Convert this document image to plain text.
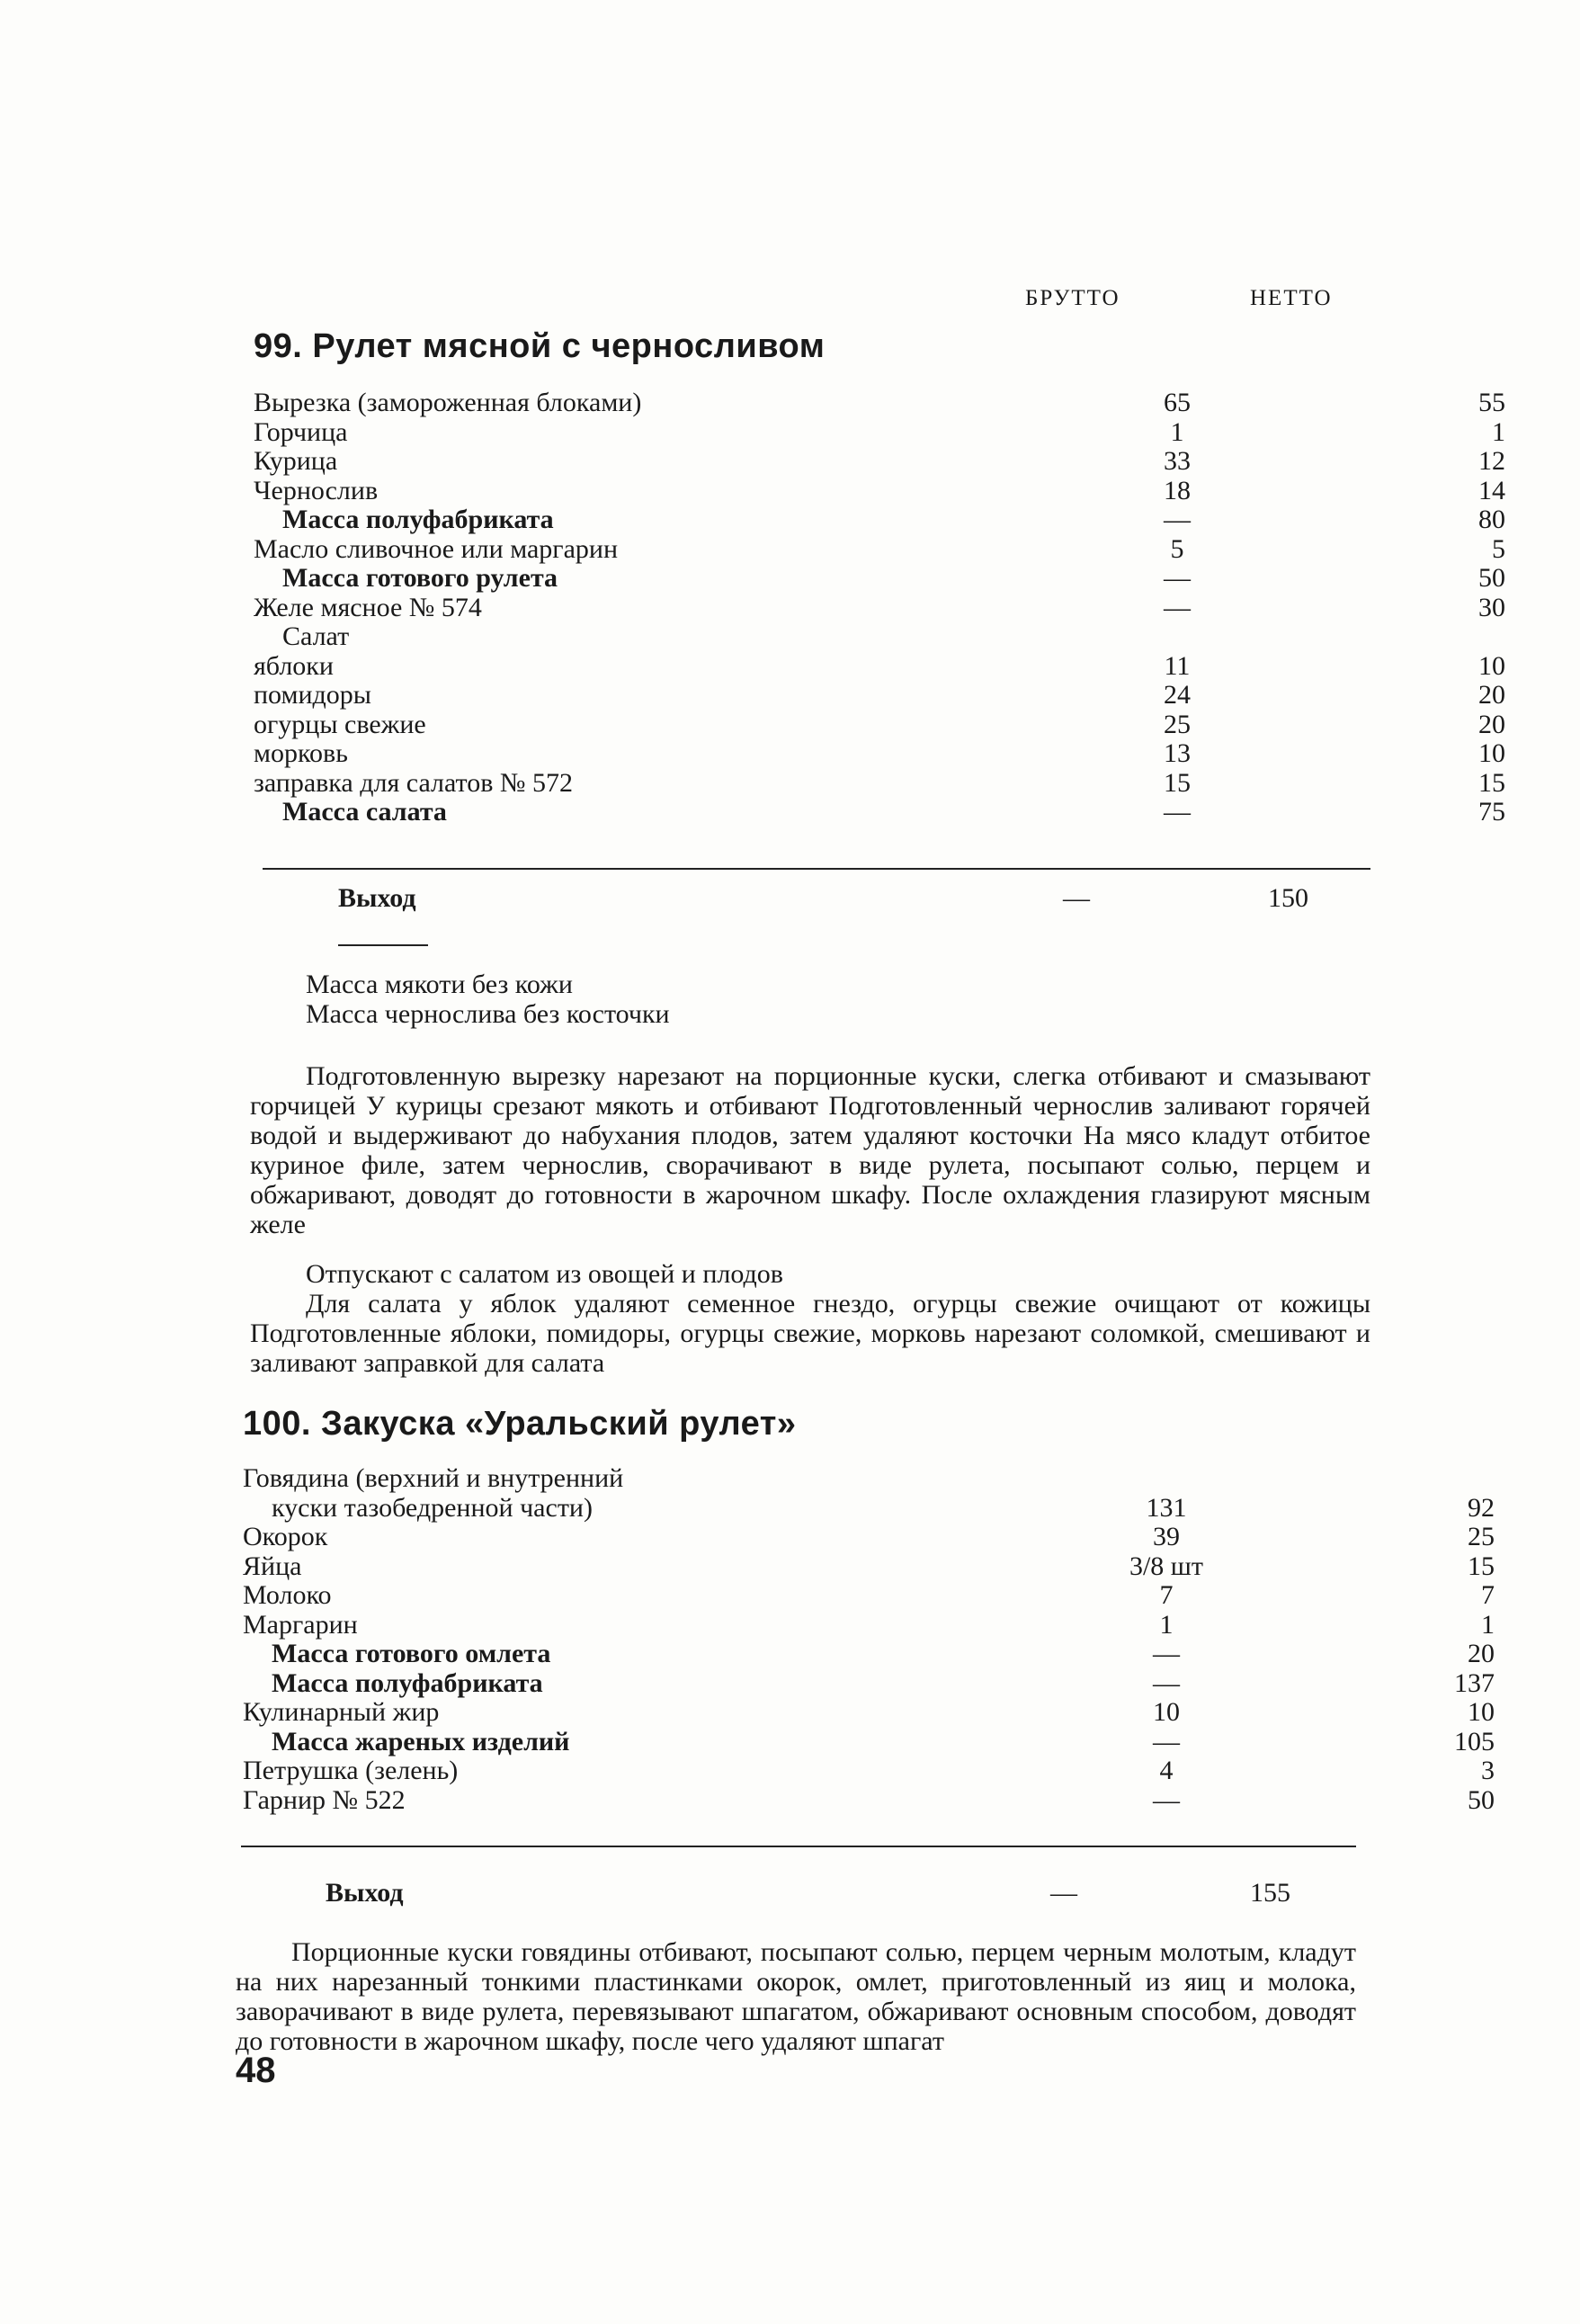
БРУТТО	НЕТТО
99. Рулет мясной с черносливом
Вырезка (замороженная блоками)	65	55
Горчица	1	1
Курица	33	12
Чернослив	18	14
Масса полуфабриката	—	80
Масло сливочное или маргарин	5	5
Масса готового рулета	—	50
Желе мясное № 574	—	30
Салат		
яблоки	11	10
помидоры	24	20
огурцы свежие	25	20
морковь	13	10
заправка для салатов № 572	15	15
Масса салата	—	75
Выход	—	150
Масса мякоти без кожи
Масса чернослива без косточки

Подготовленную вырезку нарезают на порционные куски, слегка отбивают и смазывают горчицей У курицы срезают мякоть и отбивают Подготовленный чернослив заливают горячей водой и выдерживают до набухания плодов, затем удаляют косточки На мясо кладут отбитое куриное филе, затем чернослив, сворачивают в виде рулета, посыпают солью, перцем и обжаривают, доводят до готовности в жарочном шкафу. После охлаждения глазируют мясным желе

Отпускают с салатом из овощей и плодов

Для салата у яблок удаляют семенное гнездо, огурцы свежие очищают от кожицы Подготовленные яблоки, помидоры, огурцы свежие, морковь нарезают соломкой, смешивают и заливают заправкой для салата

100. Закуска «Уральский рулет»
Говядина (верхний и внутренний		
куски тазобедренной части)	131	92
Окорок	39	25
Яйца	3/8 шт	15
Молоко	7	7
Маргарин	1	1
Масса готового омлета	—	20
Масса полуфабриката	—	137
Кулинарный жир	10	10
Масса жареных изделий	—	105
Петрушка (зелень)	4	3
Гарнир № 522	—	50
Выход	—	155

Порционные куски говядины отбивают, посыпают солью, перцем черным молотым, кладут на них нарезанный тонкими пластинками окорок, омлет, приготовленный из яиц и молока, заворачивают в виде рулета, перевязывают шпагатом, обжаривают основным способом, доводят до готовности в жарочном шкафу, после чего удаляют шпагат

48
